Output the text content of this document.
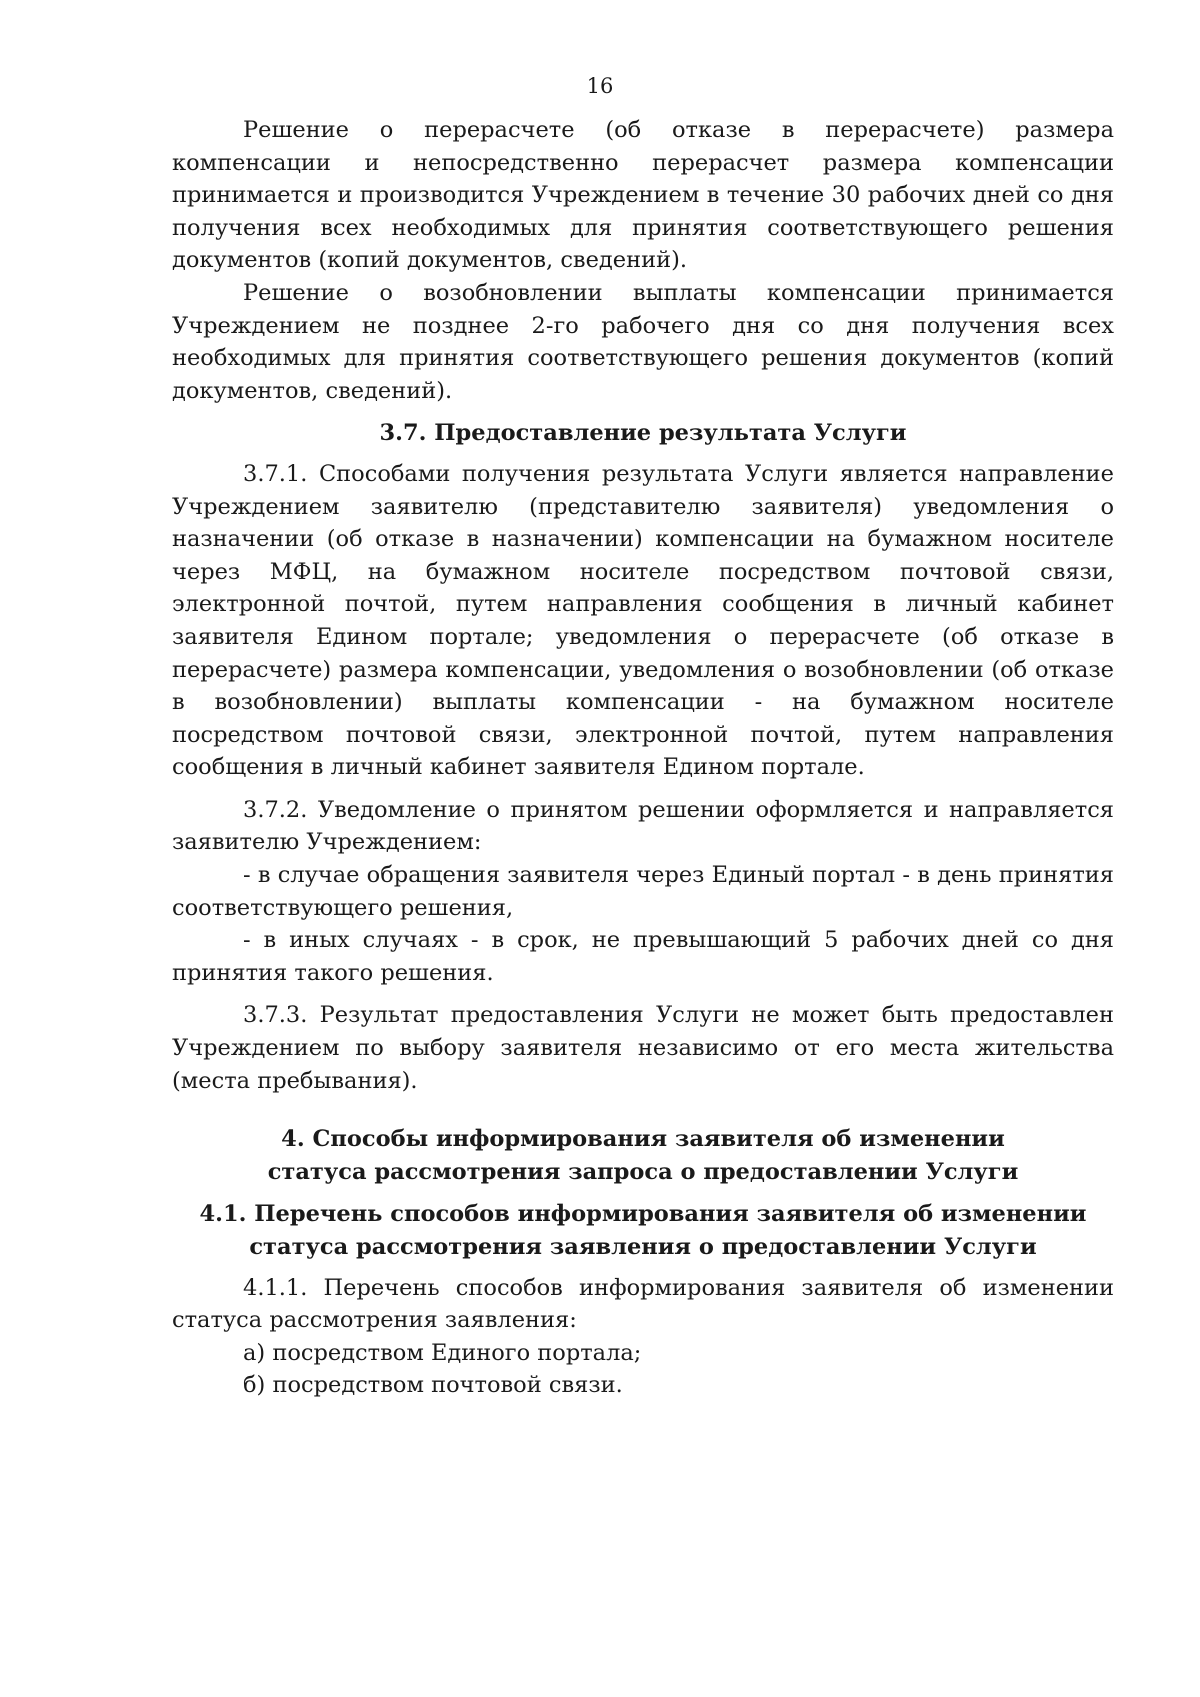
16

Решение о перерасчете (об отказе в перерасчете) размера компенсации и непосредственно перерасчет размера компенсации принимается и производится Учреждением в течение 30 рабочих дней со дня получения всех необходимых для принятия соответствующего решения документов (копий документов, сведений).

Решение о возобновлении выплаты компенсации принимается Учреждением не позднее 2-го рабочего дня со дня получения всех необходимых для принятия соответствующего решения документов (копий документов, сведений).

3.7. Предоставление результата Услуги

3.7.1. Способами получения результата Услуги является направление Учреждением заявителю (представителю заявителя) уведомления о назначении (об отказе в назначении) компенсации на бумажном носителе через МФЦ, на бумажном носителе посредством почтовой связи, электронной почтой, путем направления сообщения в личный кабинет заявителя Едином портале; уведомления о перерасчете (об отказе в перерасчете) размера компенсации, уведомления о возобновлении (об отказе в возобновлении) выплаты компенсации - на бумажном носителе посредством почтовой связи, электронной почтой, путем направления сообщения в личный кабинет заявителя Едином портале.

3.7.2. Уведомление о принятом решении оформляется и направляется заявителю Учреждением:

- в случае обращения заявителя через Единый портал - в день принятия соответствующего решения,

- в иных случаях - в срок, не превышающий 5 рабочих дней со дня принятия такого решения.

3.7.3. Результат предоставления Услуги не может быть предоставлен Учреждением по выбору заявителя независимо от его места жительства (места пребывания).

4. Способы информирования заявителя об изменении статуса рассмотрения запроса о предоставлении Услуги
4.1. Перечень способов информирования заявителя об изменении статуса рассмотрения заявления о предоставлении Услуги

4.1.1. Перечень способов информирования заявителя об изменении статуса рассмотрения заявления:

а) посредством Единого портала;

б) посредством почтовой связи.
